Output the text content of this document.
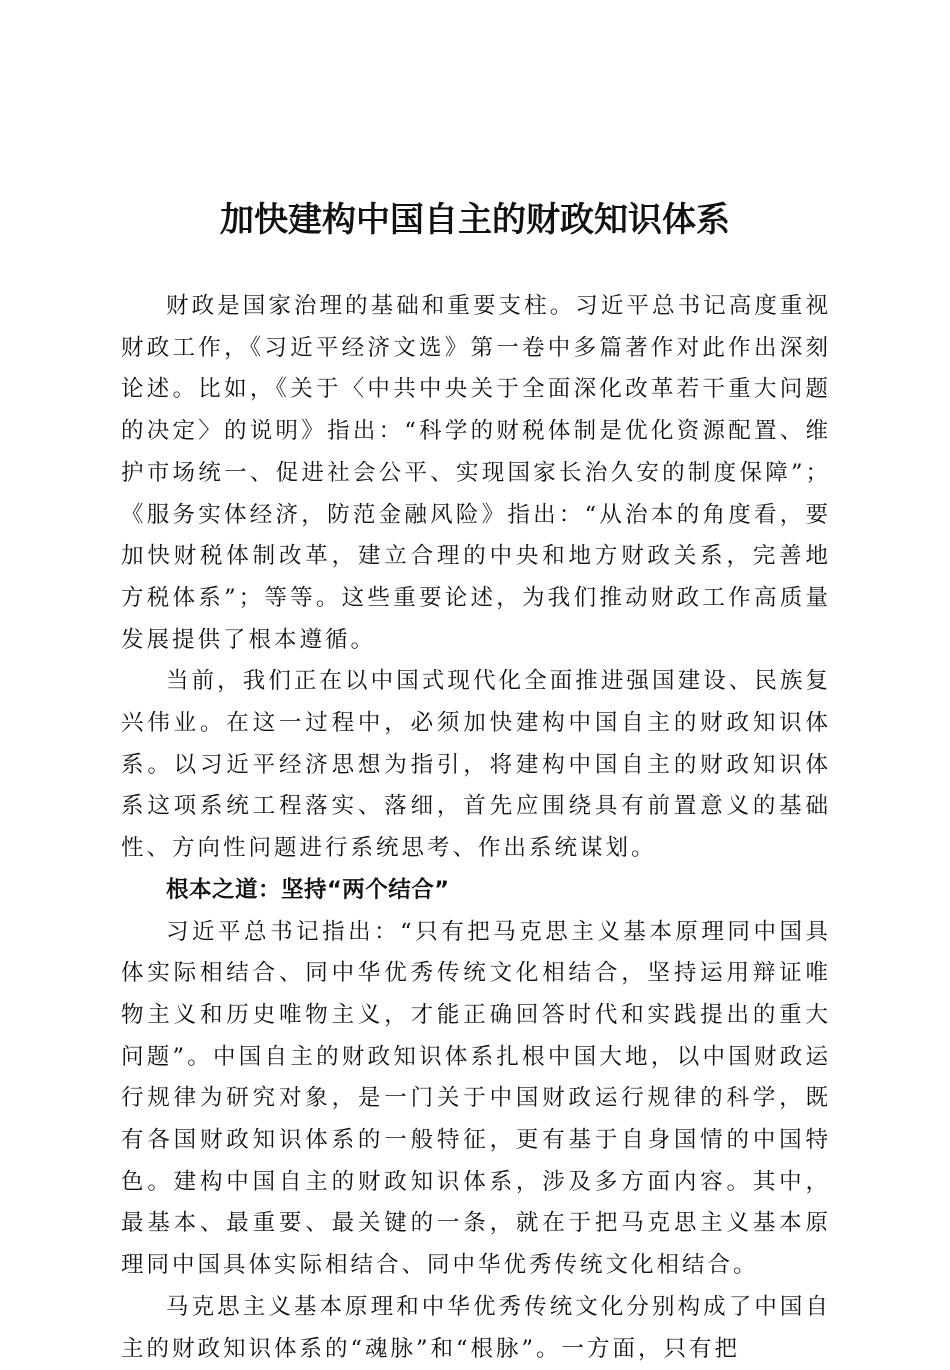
加快建构中国自主的财政知识体系

财政是国家治理的基础和重要支柱。习近平总书记高度重视财政工作，《习近平经济文选》第一卷中多篇著作对此作出深刻论述。比如，《关于〈中共中央关于全面深化改革若干重大问题的决定〉的说明》指出：“科学的财税体制是优化资源配置、维护市场统一、促进社会公平、实现国家长治久安的制度保障”；《服务实体经济，防范金融风险》指出：“从治本的角度看，要加快财税体制改革，建立合理的中央和地方财政关系，完善地方税体系”；等等。这些重要论述，为我们推动财政工作高质量发展提供了根本遵循。

当前，我们正在以中国式现代化全面推进强国建设、民族复兴伟业。在这一过程中，必须加快建构中国自主的财政知识体系。以习近平经济思想为指引，将建构中国自主的财政知识体系这项系统工程落实、落细，首先应围绕具有前置意义的基础性、方向性问题进行系统思考、作出系统谋划。

根本之道：坚持“两个结合”

习近平总书记指出：“只有把马克思主义基本原理同中国具体实际相结合、同中华优秀传统文化相结合，坚持运用辩证唯物主义和历史唯物主义，才能正确回答时代和实践提出的重大问题”。中国自主的财政知识体系扎根中国大地，以中国财政运行规律为研究对象，是一门关于中国财政运行规律的科学，既有各国财政知识体系的一般特征，更有基于自身国情的中国特色。建构中国自主的财政知识体系，涉及多方面内容。其中，最基本、最重要、最关键的一条，就在于把马克思主义基本原理同中国具体实际相结合、同中华优秀传统文化相结合。

马克思主义基本原理和中华优秀传统文化分别构成了中国自主的财政知识体系的“魂脉”和“根脉”。一方面，只有把
